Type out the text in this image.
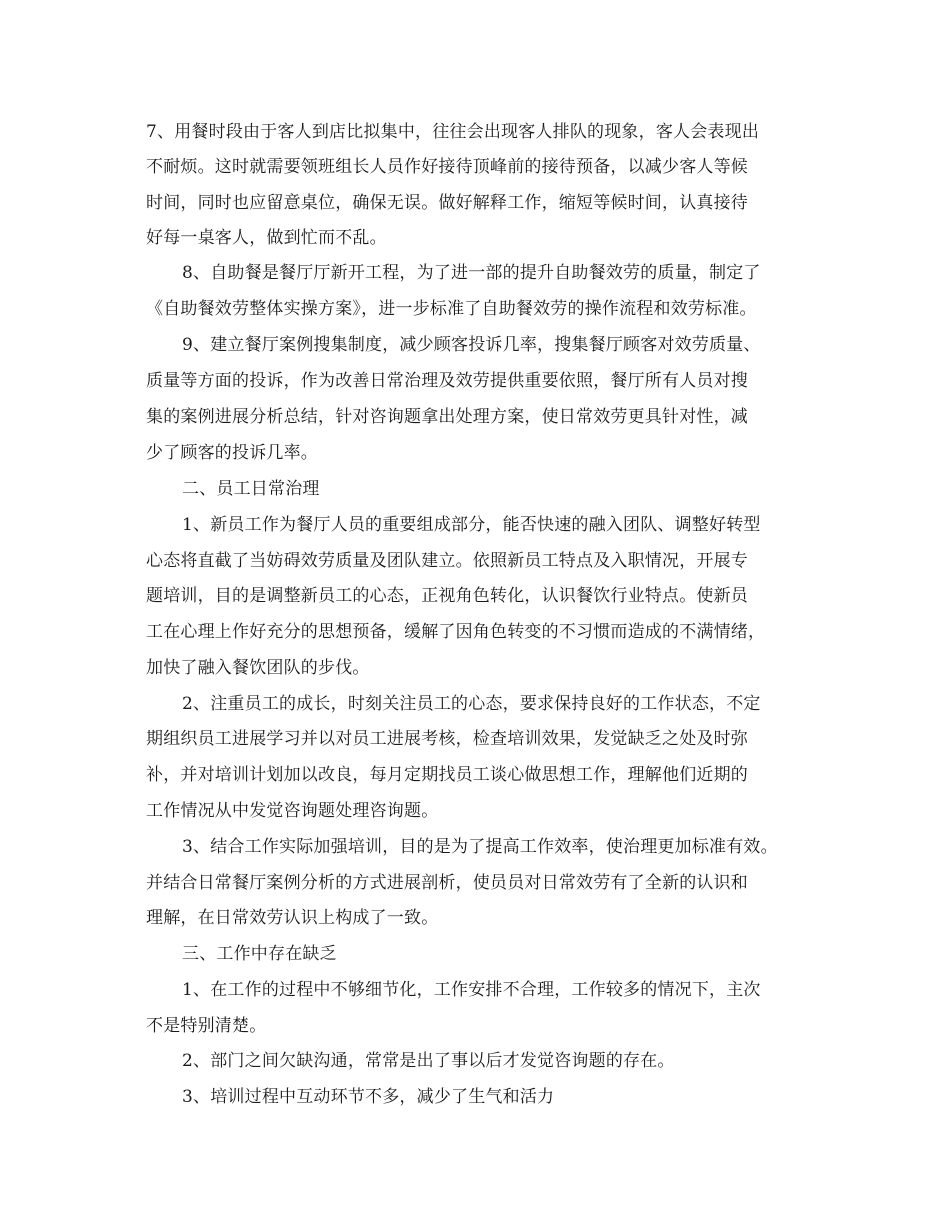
7、用餐时段由于客人到店比拟集中，往往会出现客人排队的现象，客人会表现出
不耐烦。这时就需要领班组长人员作好接待顶峰前的接待预备，以减少客人等候
时间，同时也应留意桌位，确保无误。做好解释工作，缩短等候时间，认真接待
好每一桌客人，做到忙而不乱。
8、自助餐是餐厅厅新开工程，为了进一部的提升自助餐效劳的质量，制定了
《自助餐效劳整体实操方案》，进一步标准了自助餐效劳的操作流程和效劳标准。
9、建立餐厅案例搜集制度，减少顾客投诉几率，搜集餐厅顾客对效劳质量、
质量等方面的投诉，作为改善日常治理及效劳提供重要依照，餐厅所有人员对搜
集的案例进展分析总结，针对咨询题拿出处理方案，使日常效劳更具针对性，减
少了顾客的投诉几率。
二、员工日常治理
1、新员工作为餐厅人员的重要组成部分，能否快速的融入团队、调整好转型
心态将直截了当妨碍效劳质量及团队建立。依照新员工特点及入职情况，开展专
题培训，目的是调整新员工的心态，正视角色转化，认识餐饮行业特点。使新员
工在心理上作好充分的思想预备，缓解了因角色转变的不习惯而造成的不满情绪，
加快了融入餐饮团队的步伐。
2、注重员工的成长，时刻关注员工的心态，要求保持良好的工作状态，不定
期组织员工进展学习并以对员工进展考核，检查培训效果，发觉缺乏之处及时弥
补，并对培训计划加以改良，每月定期找员工谈心做思想工作，理解他们近期的
工作情况从中发觉咨询题处理咨询题。
3、结合工作实际加强培训，目的是为了提高工作效率，使治理更加标准有效。
并结合日常餐厅案例分析的方式进展剖析，使员员对日常效劳有了全新的认识和
理解，在日常效劳认识上构成了一致。
三、工作中存在缺乏
1、在工作的过程中不够细节化，工作安排不合理，工作较多的情况下，主次
不是特别清楚。
2、部门之间欠缺沟通，常常是出了事以后才发觉咨询题的存在。
3、培训过程中互动环节不多，减少了生气和活力
